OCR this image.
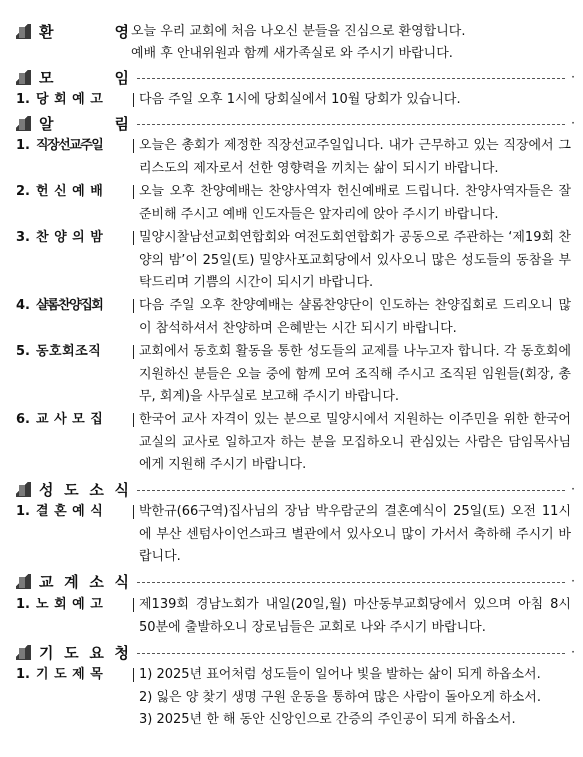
환	영 오늘 우리 교회에 처음 나오신 분들을 진심으로 환영합니다.
예배 후 안내위원과 함께 새가족실로 와 주시기 바랍니다.
모	임	·
1. 당 회 예 고	다음 주일 오후 1시에 당회실에서 10월 당회가 있습니다.
알	림	·
1. 직장선교주일	오늘은 총회가 제정한 직장선교주일입니다. 내가 근무하고 있는 직장에서 그리스도의 제자로서 선한 영향력을 끼치는 삶이 되시기 바랍니다.
2. 헌 신 예 배	오늘 오후 찬양예배는 찬양사역자 헌신예배로 드립니다. 찬양사역자들은 잘 준비해 주시고 예배 인도자들은 앞자리에 앉아 주시기 바랍니다.
3. 찬 양 의 밤	밀양시찰남선교회연합회와 여전도회연합회가 공동으로 주관하는 ‘제19회 찬양의 밤’이 25일(토) 밀양사포교회당에서 있사오니 많은 성도들의 동참을 부탁드리며 기쁨의 시간이 되시기 바랍니다.
4. 샬롬찬양집회	다음 주일 오후 찬양예배는 샬롬찬양단이 인도하는 찬양집회로 드리오니 많이 참석하셔서 찬양하며 은혜받는 시간 되시기 바랍니다.
5. 동호회조직	교회에서 동호회 활동을 통한 성도들의 교제를 나누고자 합니다. 각 동호회에 지원하신 분들은 오늘 중에 함께 모여 조직해 주시고 조직된 임원들(회장, 총무, 회계)을 사무실로 보고해 주시기 바랍니다.
6. 교 사 모 집	한국어 교사 자격이 있는 분으로 밀양시에서 지원하는 이주민을 위한 한국어 교실의 교사로 일하고자 하는 분을 모집하오니 관심있는 사람은 담임목사님에게 지원해 주시기 바랍니다.
성 도 소 식	·
1. 결 혼 예 식	박한규(66구역)집사님의 장남 박우람군의 결혼예식이 25일(토) 오전 11시에 부산 센텀사이언스파크 별관에서 있사오니 많이 가서서 축하해 주시기 바랍니다.
교 계 소 식	·
1. 노 회 예 고	제139회 경남노회가 내일(20일,월) 마산동부교회당에서 있으며 아침 8시 50분에 출발하오니 장로님들은 교회로 나와 주시기 바랍니다.
기 도 요 청	·
1. 기 도 제 목	1) 2025년 표어처럼 성도들이 일어나 빛을 발하는 삶이 되게 하옵소서.
2) 잃은 양 찾기 생명 구원 운동을 통하여 많은 사람이 돌아오게 하소서.
3) 2025년 한 해 동안 신앙인으로 간증의 주인공이 되게 하옵소서.
